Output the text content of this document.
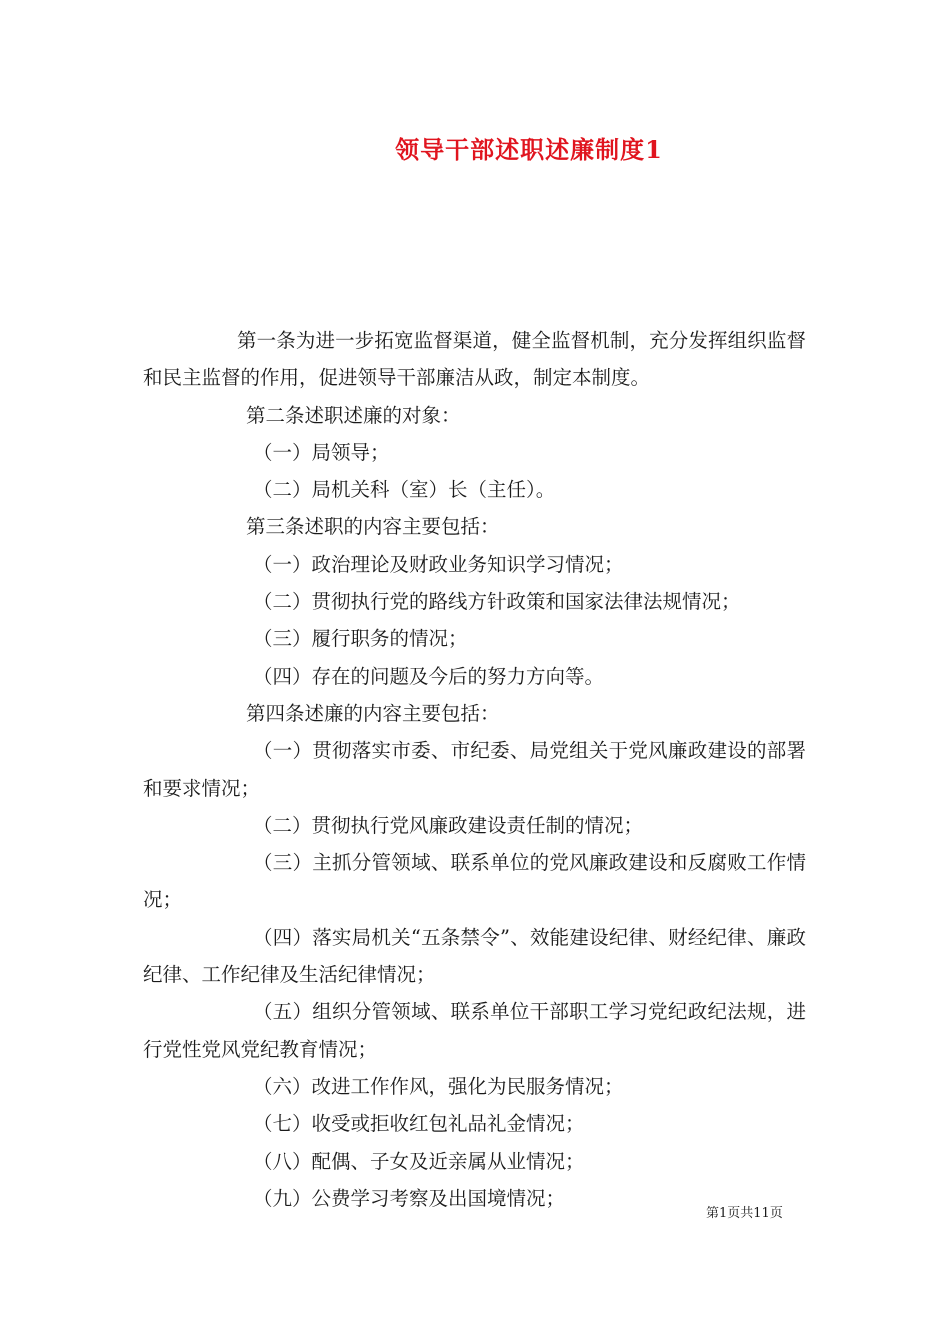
领导干部述职述廉制度1

第一条为进一步拓宽监督渠道，健全监督机制，充分发挥组织监督和民主监督的作用，促进领导干部廉洁从政，制定本制度。

第二条述职述廉的对象：

（一）局领导；

（二）局机关科（室）长（主任）。

第三条述职的内容主要包括：

（一）政治理论及财政业务知识学习情况；

（二）贯彻执行党的路线方针政策和国家法律法规情况；

（三）履行职务的情况；

（四）存在的问题及今后的努力方向等。

第四条述廉的内容主要包括：

（一）贯彻落实市委、市纪委、局党组关于党风廉政建设的部署和要求情况；

（二）贯彻执行党风廉政建设责任制的情况；

（三）主抓分管领域、联系单位的党风廉政建设和反腐败工作情况；

（四）落实局机关“五条禁令”、效能建设纪律、财经纪律、廉政纪律、工作纪律及生活纪律情况；

（五）组织分管领域、联系单位干部职工学习党纪政纪法规，进行党性党风党纪教育情况；

（六）改进工作作风，强化为民服务情况；

（七）收受或拒收红包礼品礼金情况；

（八）配偶、子女及近亲属从业情况；

（九）公费学习考察及出国境情况；

第1页共11页
